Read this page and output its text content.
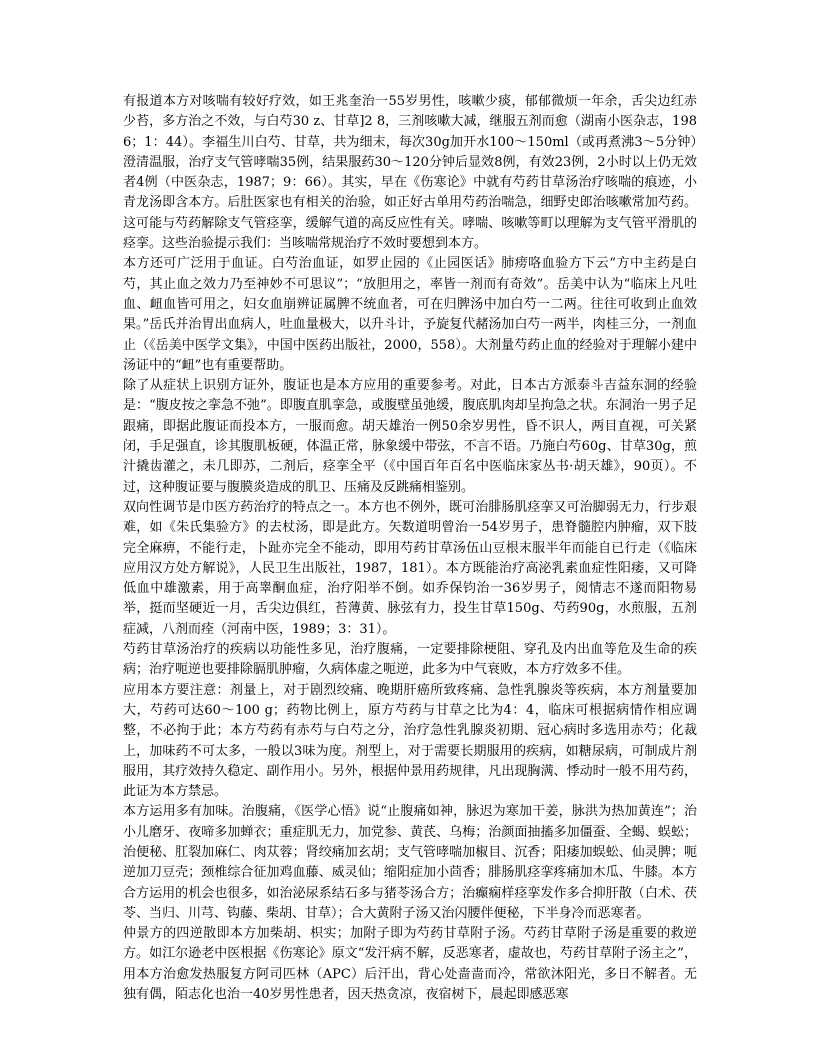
有报道本方对咳喘有较好疗效，如王兆奎治一55岁男性，咳嗽少痰，郁郁微烦一年余，舌尖边红赤少苔，多方治之不效，与白芍30 z、甘草]2 8，三剂咳嗽大减，继服五剂而愈（湖南小医杂志，1986；1：44）。李福生川白芍、甘草，共为细末，每次30g加开水100～150ml（或再煮沸3～5分钟）澄清温服，治疗支气管哮喘35例，结果服药30～120分钟后显效8例，有效23例，2小时以上仍无效者4例（中医杂志，1987；9：66）。其实，早在《伤寒论》中就有芍药甘草汤治疗咳喘的痕迹，小青龙汤即含本方。后肚医家也有相关的治验，如正好古单用芍药治喘急，细野史郎治咳嗽常加芍药。这可能与芍药解除支气管痉挛，缓解气道的高反应性有关。哮喘、咳嗽等町以理解为支气管平滑肌的痉挛。这些治验提示我们：当咳喘常规治疗不效时要想到本方。

本方还可广泛用于血证。白芍治血证，如罗止园的《止园医话》肺痨咯血验方下云“方中主药是白芍，其止血之效力乃至神妙不可思议”；“放胆用之，率皆一剂而有奇效”。岳美中认为“临床上凡吐血、衄血皆可用之，妇女血崩辨证属脾不统血者，可在归脾汤中加白芍一二两。往往可收到止血效果。”岳氏并治胃出血病人，吐血量极大，以升斗计，予旋复代赭汤加白芍一两半，肉桂三分，一剂血止（《岳美中医学文集》，中国中医药出版社，2000，558）。大剂量芍药止血的经验对于理解小建中汤证中的“衄”也有重要帮助。

除了从症状上识别方证外，腹证也是本方应用的重要参考。对此，日本古方派泰斗吉益东洞的经验是：“腹皮按之挛急不弛”。即腹直肌挛急，或腹壁虽弛缓，腹底肌肉却呈拘急之状。东洞治一男子足跟痛，即据此腹证而投本方，一服而愈。胡天雄治一例50余岁男性，昏不识人，两目直视，可关紧闭，手足强直，诊其腹肌板硬，体温正常，脉象缓中带弦，不言不语。乃施白芍60g、甘草30g，煎汁撬齿灌之，未几即苏，二剂后，痉挛全平（《中国百年百名中医临床家丛书·胡天雄》，90页）。不过，这种腹证要与腹膜炎造成的肌卫、压痛及反跳痛相鉴别。

双向性调节是巾医方药治疗的特点之一。本方也不例外，既可治腓肠肌痉挛又可治脚弱无力，行步艰难，如《朱氏集验方》的去杖汤，即是此方。矢数道明曾治一54岁男子，患脊髓腔内肿瘤，双下肢完全麻痹，不能行走，卜趾亦完全不能动，即用芍药甘草汤伍山豆根末服半年而能自已行走（《临床应用汉方处方解说》，人民卫生出版社，1987，181）。本方既能治疗高泌乳素血症性阳痿，又可降低血中雄激素，用于高睾酮血症，治疗阳举不倒。如乔保钧治一36岁男子，阅情志不遂而阳物易举，挺而坚硬近一月，舌尖边俱红，苔薄黄、脉弦有力，投生甘草150g、芍药90g，水煎服，五剂症减，八剂而痊（河南中医，1989；3：31）。

芍药甘草汤治疗的疾病以功能性多见，治疗腹痛，一定要排除梗阻、穿孔及内出血等危及生命的疾病；治疗呃逆也要排除膈肌肿瘤，久病体虚之呃逆，此多为中气衰败，本方疗效多不佳。

应用本方要注意：剂量上，对于剧烈绞痛、晚期肝癌所致疼痛、急性乳腺炎等疾病，本方剂量要加大，芍药可达60～100 g；药物比例上，原方芍药与甘草之比为4：4，临床可根据病情作相应调整，不必拘于此；本方芍药有赤芍与白芍之分，治疗急性乳腺炎初期、冠心病时多选用赤芍；化裁上，加味药不可太多，一般以3味为度。剂型上，对于需要长期服用的疾病，如糖尿病，可制成片剂服用，其疗效持久稳定、副作用小。另外，根据仲景用药规律，凡出现胸满、悸动时一般不用芍药，此证为本方禁忌。

本方运用多有加味。治腹痛，《医学心悟》说“止腹痛如神，脉迟为寒加干姜，脉洪为热加黄连”；治小儿磨牙、夜啼多加蝉衣；重症肌无力，加党参、黄芪、乌梅；治颜面抽搐多加僵蚕、全蝎、蜈蚣；治便秘、肛裂加麻仁、肉苁蓉；肾绞痛加玄胡；支气管哮喘加椒目、沉香；阳痿加蜈蚣、仙灵脾；呃逆加刀豆壳；颈椎综合征加鸡血藤、威灵仙；缩阳症加小茴香；腓肠肌痉挛疼痛加木瓜、牛膝。本方合方运用的机会也很多，如治泌尿系结石多与猪苓汤合方；治癫痫样痉挛发作多合抑肝散（白术、茯苓、当归、川芎、钩藤、柴胡、甘草）；合大黄附子汤又治闪腰伴便秘，下半身冷而恶寒者。

仲景方的四逆散即本方加柴胡、枳实；加附子即为芍药甘草附子汤。芍药甘草附子汤是重要的救逆方。如江尔逊老中医根据《伤寒论》原文“发汗病不解，反恶寒者，虚故也，芍药甘草附子汤主之”，用本方治愈发热服复方阿司匹林（APC）后汗出，背心处啬啬而冷，常欲沐阳光，多日不解者。无独有偶，陌志化也治一40岁男性患者，因天热贪凉，夜宿树下，晨起即感恶寒
